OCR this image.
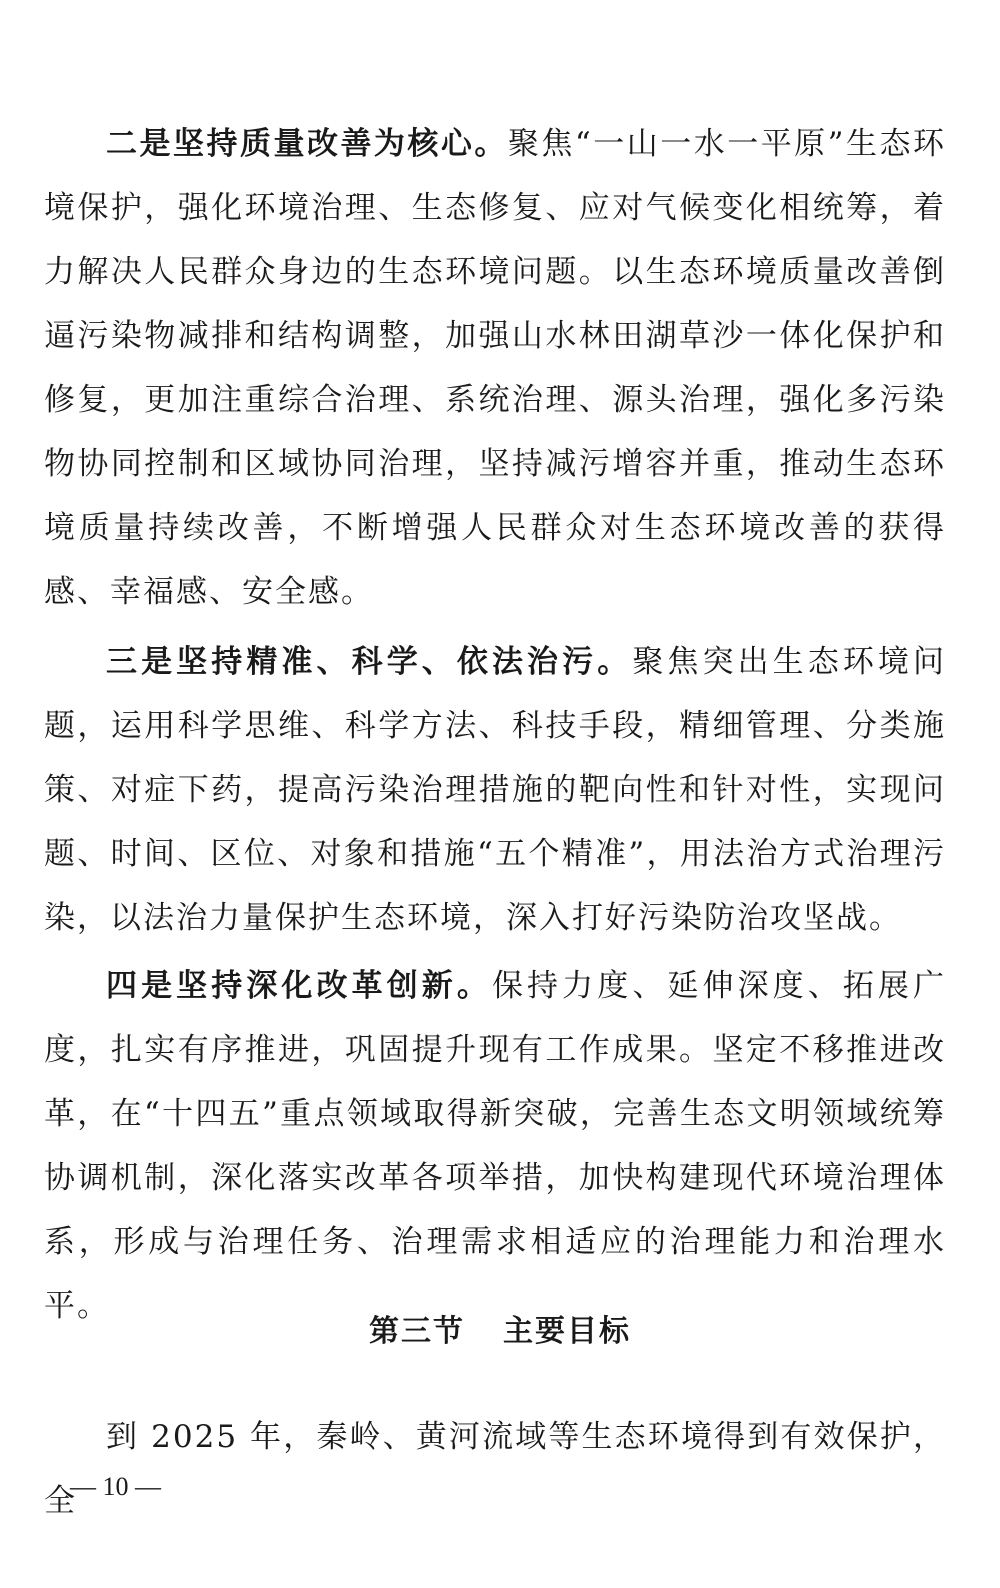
二是坚持质量改善为核心。聚焦“一山一水一平原”生态环境保护，强化环境治理、生态修复、应对气候变化相统筹，着力解决人民群众身边的生态环境问题。以生态环境质量改善倒逼污染物减排和结构调整，加强山水林田湖草沙一体化保护和修复，更加注重综合治理、系统治理、源头治理，强化多污染物协同控制和区域协同治理，坚持减污增容并重，推动生态环境质量持续改善，不断增强人民群众对生态环境改善的获得感、幸福感、安全感。

三是坚持精准、科学、依法治污。聚焦突出生态环境问题，运用科学思维、科学方法、科技手段，精细管理、分类施策、对症下药，提高污染治理措施的靶向性和针对性，实现问题、时间、区位、对象和措施“五个精准”，用法治方式治理污染，以法治力量保护生态环境，深入打好污染防治攻坚战。

四是坚持深化改革创新。保持力度、延伸深度、拓展广度，扎实有序推进，巩固提升现有工作成果。坚定不移推进改革，在“十四五”重点领域取得新突破，完善生态文明领域统筹协调机制，深化落实改革各项举措，加快构建现代环境治理体系，形成与治理任务、治理需求相适应的治理能力和治理水平。

第三节 主要目标

到 2025 年，秦岭、黄河流域等生态环境得到有效保护，全

— 10 —
